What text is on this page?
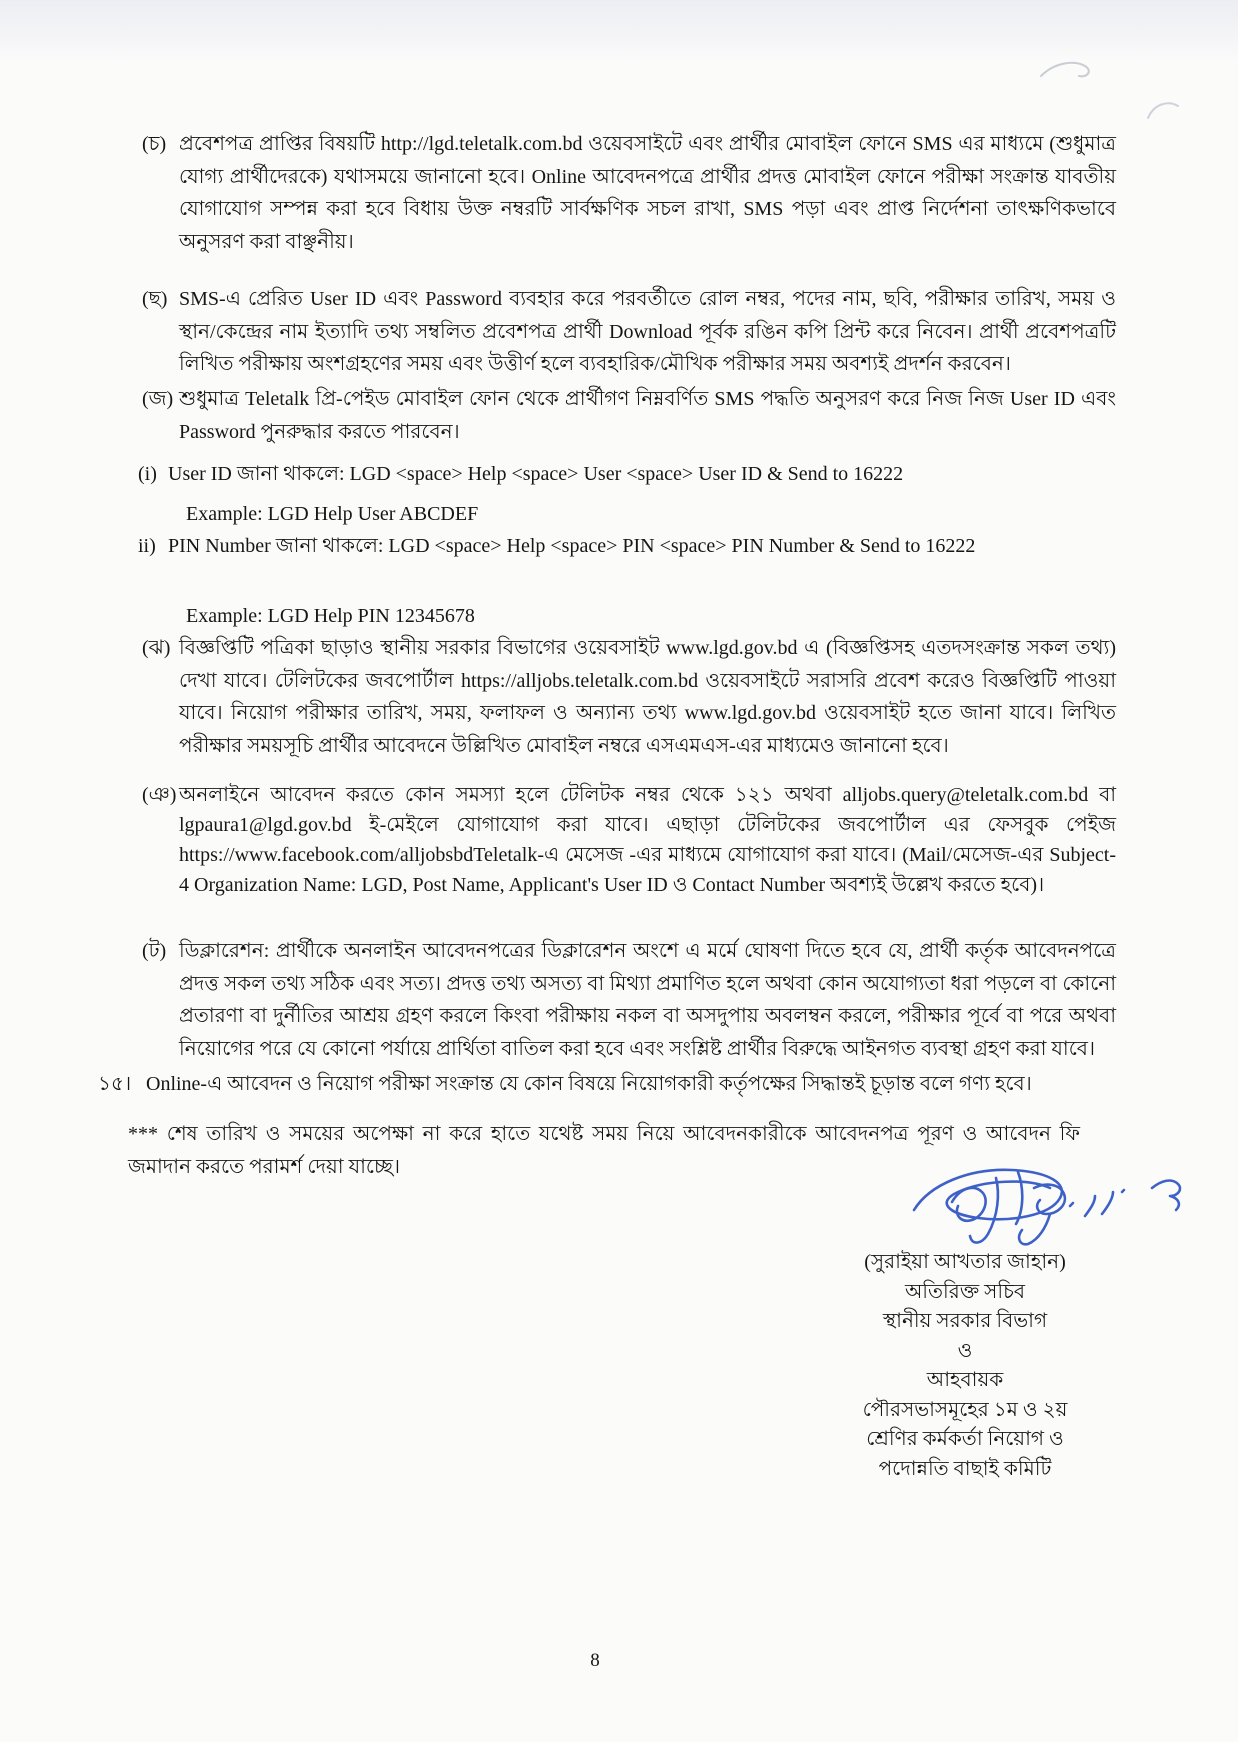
(চ) প্রবেশপত্র প্রাপ্তির বিষয়টি http://lgd.teletalk.com.bd ওয়েবসাইটে এবং প্রার্থীর মোবাইল ফোনে SMS এর মাধ্যমে (শুধুমাত্র যোগ্য প্রার্থীদেরকে) যথাসময়ে জানানো হবে। Online আবেদনপত্রে প্রার্থীর প্রদত্ত মোবাইল ফোনে পরীক্ষা সংক্রান্ত যাবতীয় যোগাযোগ সম্পন্ন করা হবে বিধায় উক্ত নম্বরটি সার্বক্ষণিক সচল রাখা, SMS পড়া এবং প্রাপ্ত নির্দেশনা তাৎক্ষণিকভাবে অনুসরণ করা বাঞ্ছনীয়।
(ছ) SMS-এ প্রেরিত User ID এবং Password ব্যবহার করে পরবর্তীতে রোল নম্বর, পদের নাম, ছবি, পরীক্ষার তারিখ, সময় ও স্থান/কেন্দ্রের নাম ইত্যাদি তথ্য সম্বলিত প্রবেশপত্র প্রার্থী Download পূর্বক রঙিন কপি প্রিন্ট করে নিবেন। প্রার্থী প্রবেশপত্রটি লিখিত পরীক্ষায় অংশগ্রহণের সময় এবং উত্তীর্ণ হলে ব্যবহারিক/মৌখিক পরীক্ষার সময় অবশ্যই প্রদর্শন করবেন।
(জ) শুধুমাত্র Teletalk প্রি-পেইড মোবাইল ফোন থেকে প্রার্থীগণ নিম্নবর্ণিত SMS পদ্ধতি অনুসরণ করে নিজ নিজ User ID এবং Password পুনরুদ্ধার করতে পারবেন।
(i) User ID জানা থাকলে: LGD <space> Help <space> User <space> User ID & Send to 16222
Example: LGD Help User ABCDEF
ii) PIN Number জানা থাকলে: LGD <space> Help <space> PIN <space> PIN Number & Send to 16222
Example: LGD Help PIN 12345678
(ঝ) বিজ্ঞপ্তিটি পত্রিকা ছাড়াও স্থানীয় সরকার বিভাগের ওয়েবসাইট www.lgd.gov.bd এ (বিজ্ঞপ্তিসহ এতদসংক্রান্ত সকল তথ্য) দেখা যাবে। টেলিটকের জবপোর্টাল https://alljobs.teletalk.com.bd ওয়েবসাইটে সরাসরি প্রবেশ করেও বিজ্ঞপ্তিটি পাওয়া যাবে। নিয়োগ পরীক্ষার তারিখ, সময়, ফলাফল ও অন্যান্য তথ্য www.lgd.gov.bd ওয়েবসাইট হতে জানা যাবে। লিখিত পরীক্ষার সময়সূচি প্রার্থীর আবেদনে উল্লিখিত মোবাইল নম্বরে এসএমএস-এর মাধ্যমেও জানানো হবে।
(ঞ) অনলাইনে আবেদন করতে কোন সমস্যা হলে টেলিটক নম্বর থেকে ১২১ অথবা alljobs.query@teletalk.com.bd বা lgpaura1@lgd.gov.bd ই-মেইলে যোগাযোগ করা যাবে। এছাড়া টেলিটকের জবপোর্টাল এর ফেসবুক পেইজ https://www.facebook.com/alljobsbdTeletalk-এ মেসেজ -এর মাধ্যমে যোগাযোগ করা যাবে। (Mail/মেসেজ-এর Subject-4 Organization Name: LGD, Post Name, Applicant's User ID ও Contact Number অবশ্যই উল্লেখ করতে হবে)।
(ট) ডিক্লারেশন: প্রার্থীকে অনলাইন আবেদনপত্রের ডিক্লারেশন অংশে এ মর্মে ঘোষণা দিতে হবে যে, প্রার্থী কর্তৃক আবেদনপত্রে প্রদত্ত সকল তথ্য সঠিক এবং সত্য। প্রদত্ত তথ্য অসত্য বা মিথ্যা প্রমাণিত হলে অথবা কোন অযোগ্যতা ধরা পড়লে বা কোনো প্রতারণা বা দুর্নীতির আশ্রয় গ্রহণ করলে কিংবা পরীক্ষায় নকল বা অসদুপায় অবলম্বন করলে, পরীক্ষার পূর্বে বা পরে অথবা নিয়োগের পরে যে কোনো পর্যায়ে প্রার্থিতা বাতিল করা হবে এবং সংশ্লিষ্ট প্রার্থীর বিরুদ্ধে আইনগত ব্যবস্থা গ্রহণ করা যাবে।
১৫। Online-এ আবেদন ও নিয়োগ পরীক্ষা সংক্রান্ত যে কোন বিষয়ে নিয়োগকারী কর্তৃপক্ষের সিদ্ধান্তই চূড়ান্ত বলে গণ্য হবে।
*** শেষ তারিখ ও সময়ের অপেক্ষা না করে হাতে যথেষ্ট সময় নিয়ে আবেদনকারীকে আবেদনপত্র পূরণ ও আবেদন ফি জমাদান করতে পরামর্শ দেয়া যাচ্ছে।
(সুরাইয়া আখতার জাহান)
অতিরিক্ত সচিব
স্থানীয় সরকার বিভাগ
ও
আহবায়ক
পৌরসভাসমূহের ১ম ও ২য়
শ্রেণির কর্মকর্তা নিয়োগ ও
পদোন্নতি বাছাই কমিটি
8
